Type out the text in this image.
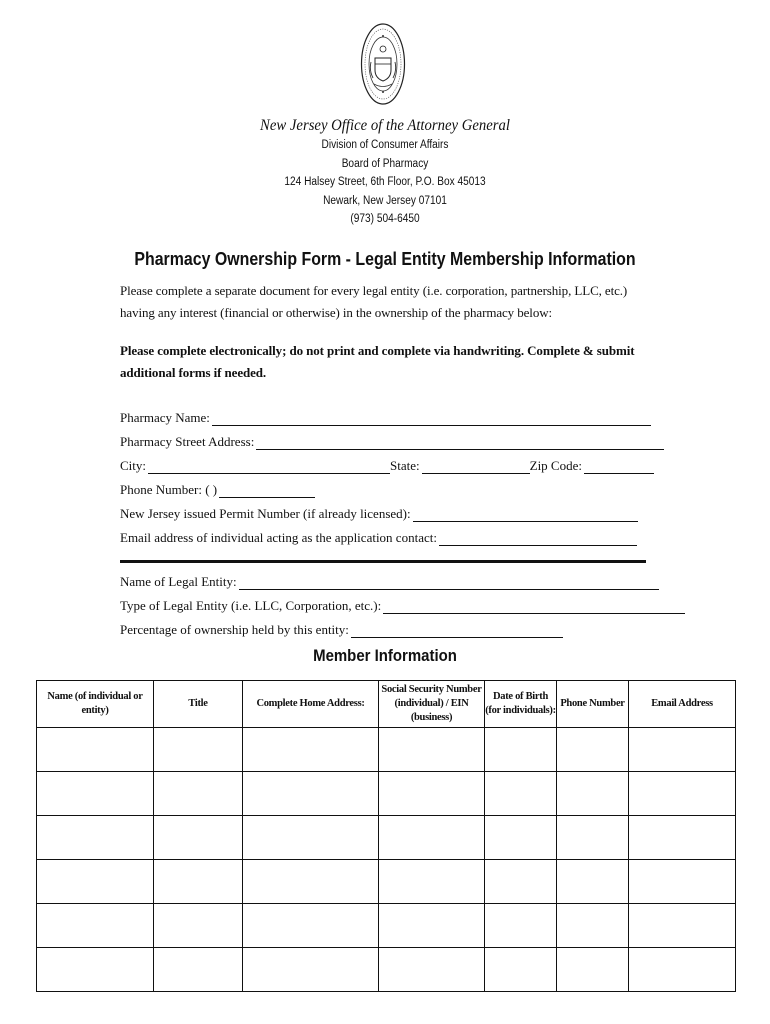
New Jersey Office of the Attorney General
Division of Consumer Affairs
Board of Pharmacy
124 Halsey Street, 6th Floor, P.O. Box 45013
Newark, New Jersey 07101
(973) 504-6450
Pharmacy Ownership Form - Legal Entity Membership Information
Please complete a separate document for every legal entity (i.e. corporation, partnership, LLC, etc.) having any interest (financial or otherwise) in the ownership of the pharmacy below:
Please complete electronically; do not print and complete via handwriting. Complete & submit additional forms if needed.
Pharmacy Name:
Pharmacy Street Address:
City:	State:	Zip Code:
Phone Number: ( )
New Jersey issued Permit Number (if already licensed):
Email address of individual acting as the application contact:
Name of Legal Entity:
Type of Legal Entity (i.e. LLC, Corporation, etc.):
Percentage of ownership held by this entity:
Member Information
Name (of individual or entity)	Title	Complete Home Address:	Social Security Number (individual) / EIN (business)	Date of Birth (for individuals):	Phone Number	Email Address
